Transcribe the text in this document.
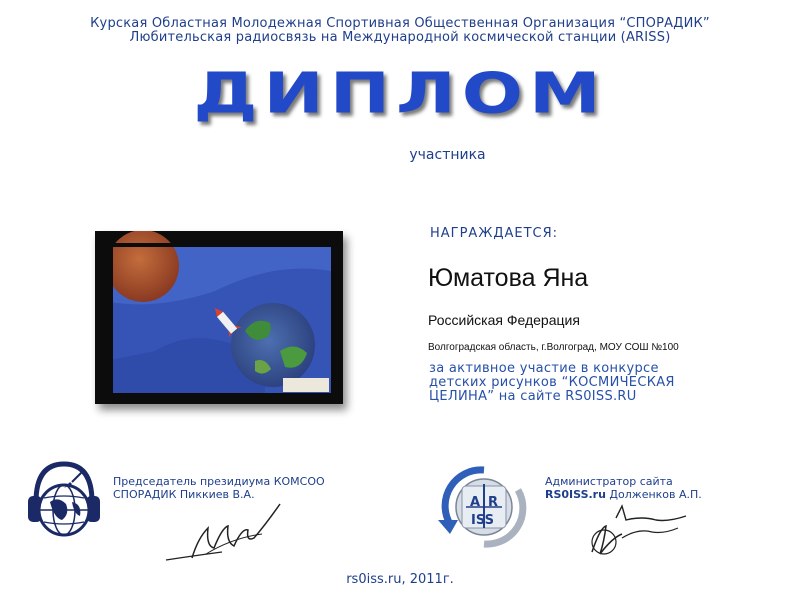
Курская Областная Молодежная Спортивная Общественная Организация “СПОРАДИК”
Любительская радиосвязь на Международной космической станции (ARISS)
ДИПЛОМ
участника
НАГРАЖДАЕТСЯ:
Юматова Яна
Российская Федерация
Волгоградская область, г.Волгоград, МОУ СОШ №100
за активное участие в конкурсе
детских рисунков “КОСМИЧЕСКАЯ
ЦЕЛИНА” на сайте RS0ISS.RU
Председатель президиума КОМСОО
СПОРАДИК Пиккиев В.А.
A R
ISS
Администратор сайта
RS0ISS.ru Долженков А.П.
rs0iss.ru, 2011г.
